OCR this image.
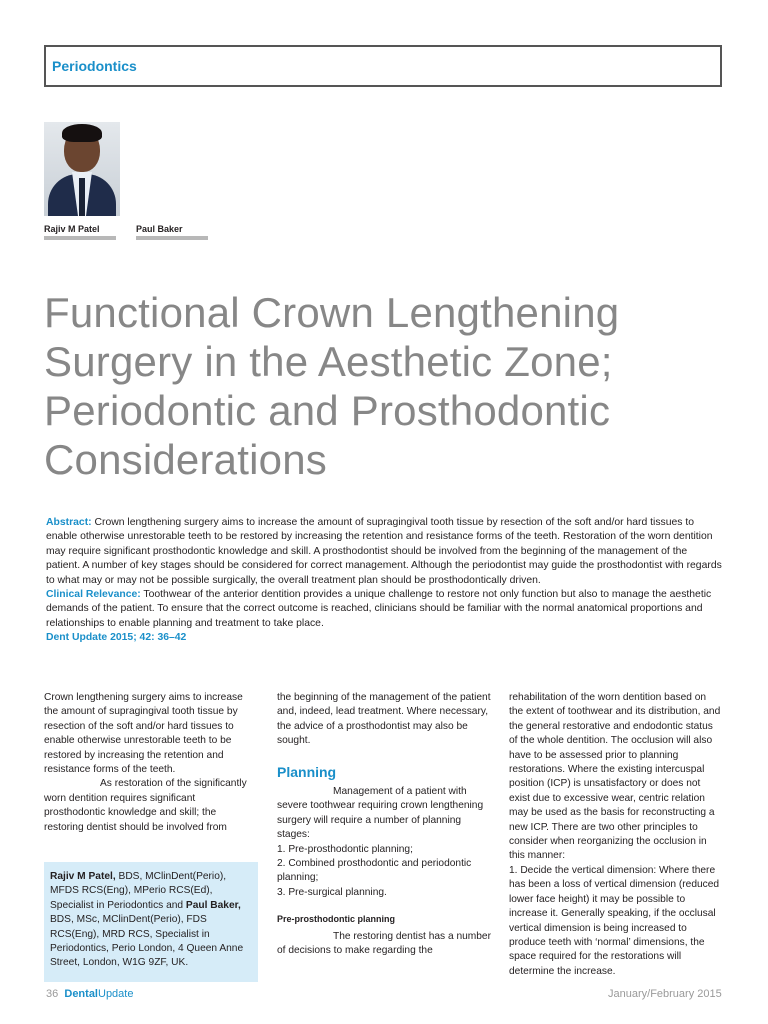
Periodontics
Rajiv M Patel	Paul Baker
Functional Crown Lengthening
Surgery in the Aesthetic Zone;
Periodontic and Prosthodontic
Considerations
Abstract: Crown lengthening surgery aims to increase the amount of supragingival tooth tissue by resection of the soft and/or hard tissues to enable otherwise unrestorable teeth to be restored by increasing the retention and resistance forms of the teeth. Restoration of the worn dentition may require significant prosthodontic knowledge and skill. A prosthodontist should be involved from the beginning of the management of the patient. A number of key stages should be considered for correct management. Although the periodontist may guide the prosthodontist with regards to what may or may not be possible surgically, the overall treatment plan should be prosthodontically driven.
Clinical Relevance: Toothwear of the anterior dentition provides a unique challenge to restore not only function but also to manage the aesthetic demands of the patient. To ensure that the correct outcome is reached, clinicians should be familiar with the normal anatomical proportions and relationships to enable planning and treatment to take place.
Dent Update 2015; 42: 36–42

Crown lengthening surgery aims to increase the amount of supragingival tooth tissue by resection of the soft and/or hard tissues to enable otherwise unrestorable teeth to be restored by increasing the retention and resistance forms of the teeth.

As restoration of the significantly worn dentition requires significant prosthodontic knowledge and skill; the restoring dentist should be involved from

Rajiv M Patel, BDS, MClinDent(Perio), MFDS RCS(Eng), MPerio RCS(Ed), Specialist in Periodontics and Paul Baker, BDS, MSc, MClinDent(Perio), FDS RCS(Eng), MRD RCS, Specialist in Periodontics, Perio London, 4 Queen Anne Street, London, W1G 9ZF, UK.

the beginning of the management of the patient and, indeed, lead treatment. Where necessary, the advice of a prosthodontist may also be sought.

Planning

Management of a patient with severe toothwear requiring crown lengthening surgery will require a number of planning stages:

1. Pre-prosthodontic planning;

2. Combined prosthodontic and periodontic planning;

3. Pre-surgical planning.

Pre-prosthodontic planning

The restoring dentist has a number of decisions to make regarding the

rehabilitation of the worn dentition based on the extent of toothwear and its distribution, and the general restorative and endodontic status of the whole dentition. The occlusion will also have to be assessed prior to planning restorations. Where the existing intercuspal position (ICP) is unsatisfactory or does not exist due to excessive wear, centric relation may be used as the basis for reconstructing a new ICP. There are two other principles to consider when reorganizing the occlusion in this manner:

1. Decide the vertical dimension: Where there has been a loss of vertical dimension (reduced lower face height) it may be possible to increase it. Generally speaking, if the occlusal vertical dimension is being increased to produce teeth with ‘normal’ dimensions, the space required for the restorations will determine the increase.

36 DentalUpdate	January/February 2015
